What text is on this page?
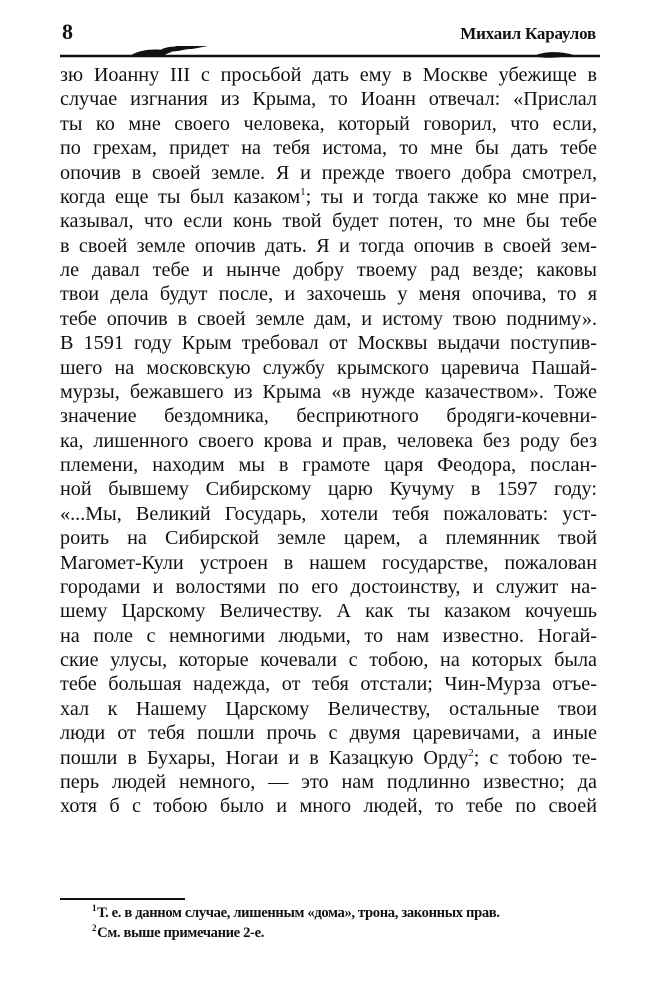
8	Михаил Караулов
зю Иоанну III с просьбой дать ему в Москве убежище в
случае изгнания из Крыма, то Иоанн отвечал: «Прислал
ты ко мне своего человека, который говорил, что если,
по грехам, придет на тебя истома, то мне бы дать тебе
опочив в своей земле. Я и прежде твоего добра смотрел,
когда еще ты был казаком$^1$; ты и тогда также ко мне при-
казывал, что если конь твой будет потен, то мне бы тебе
в своей земле опочив дать. Я и тогда опочив в своей зем-
ле давал тебе и нынче добру твоему рад везде; каковы
твои дела будут после, и захочешь у меня опочива, то я
тебе опочив в своей земле дам, и истому твою подниму».
В 1591 году Крым требовал от Москвы выдачи поступив-
шего на московскую службу крымского царевича Пашай-
мурзы, бежавшего из Крыма «в нужде казачеством». Тоже
значение бездомника, бесприютного бродяги-кочевни-
ка, лишенного своего крова и прав, человека без роду без
племени, находим мы в грамоте царя Феодора, послан-
ной бывшему Сибирскому царю Кучуму в 1597 году:
«...Мы, Великий Государь, хотели тебя пожаловать: уст-
роить на Сибирской земле царем, а племянник твой
Магомет-Кули устроен в нашем государстве, пожалован
городами и волостями по его достоинству, и служит на-
шему Царскому Величеству. А как ты казаком кочуешь
на поле с немногими людьми, то нам известно. Ногай-
ские улусы, которые кочевали с тобою, на которых была
тебе большая надежда, от тебя отстали; Чин-Мурза отъе-
хал к Нашему Царскому Величеству, остальные твои
люди от тебя пошли прочь с двумя царевичами, а иные
пошли в Бухары, Ногаи и в Казацкую Орду$^2$; с тобою те-
перь людей немного, — это нам подлинно известно; да
хотя б с тобою было и много людей, то тебе по своей
$^1$Т. е. в данном случае, лишенным «дома», трона, законных прав.
$^2$См. выше примечание 2-е.
